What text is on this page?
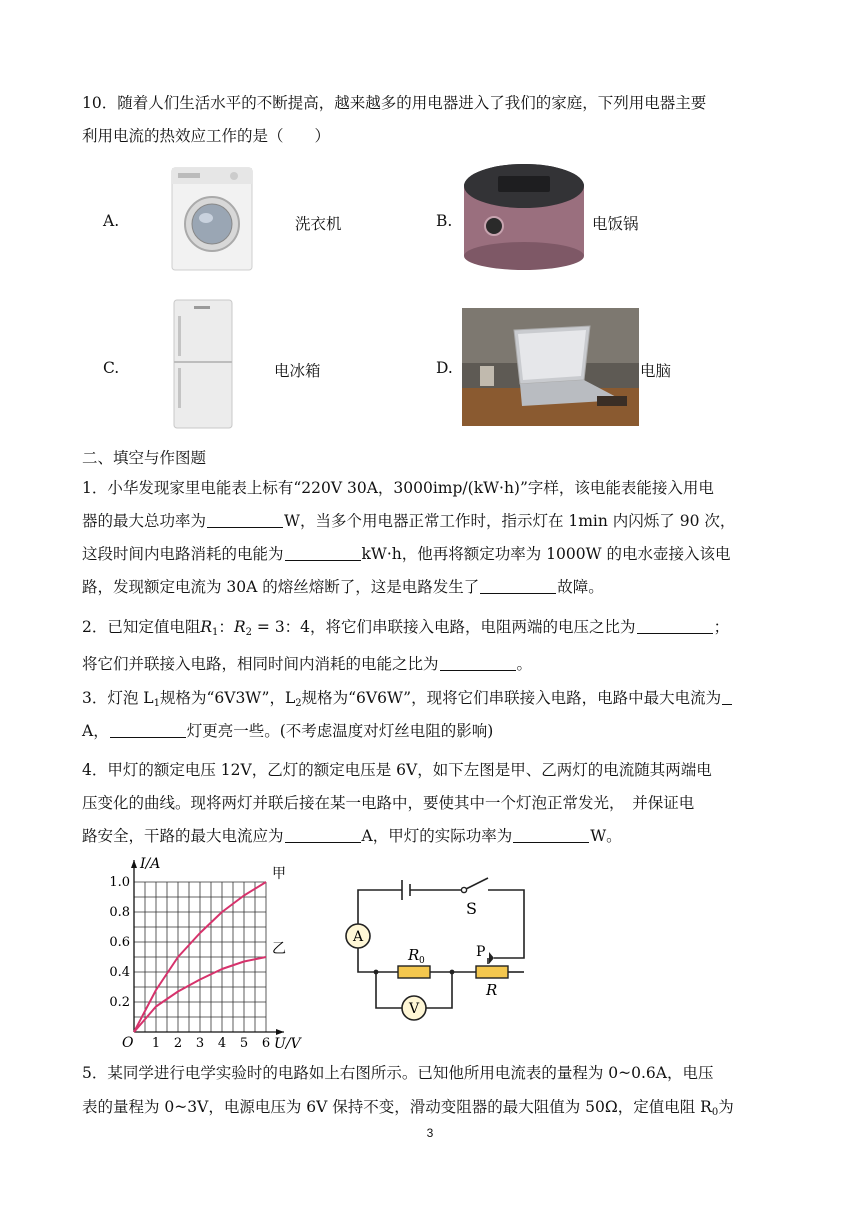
10．随着人们生活水平的不断提高，越来越多的用电器进入了我们的家庭，下列用电器主要
利用电流的热效应工作的是（　　）
A.	洗衣机	B.	电饭锅
C.	电冰箱	D.	电脑
二、填空与作图题
1．小华发现家里电能表上标有“220V 30A，3000imp/(kW·h)”字样，该电能表能接入用电
器的最大总功率为	W，当多个用电器正常工作时，指示灯在 1min 内闪烁了 90 次，
这段时间内电路消耗的电能为	kW·h，他再将额定功率为 1000W 的电水壶接入该电
路，发现额定电流为 30A 的熔丝熔断了，这是电路发生了	故障。
2．已知定值电阻$R_1$：$R_2 = 3$：4，将它们串联接入电路，电阻两端的电压之比为	；
将它们并联接入电路，相同时间内消耗的电能之比为	。
3．灯泡 $L_1$规格为“6V3W”，$L_2$规格为“6V6W”，现将它们串联接入电路，电路中最大电流为
A，	灯更亮一些。(不考虑温度对灯丝电阻的影响)
4．甲灯的额定电压 12V，乙灯的额定电压是 6V，如下左图是甲、乙两灯的电流随其两端电
压变化的曲线。现将两灯并联后接在某一电路中，要使其中一个灯泡正常发光，　并保证电
路安全，干路的最大电流应为	A，甲灯的实际功率为	W。
1 2 3 4 5 6
0.2
0.4
0.6
0.8
1.0
O	U/V
I/A
甲
乙
A
R 0
P
R
V
S
5．某同学进行电学实验时的电路如上右图所示。已知他所用电流表的量程为 0~0.6A，电压
表的量程为 0~3V，电源电压为 6V 保持不变，滑动变阻器的最大阻值为 50Ω，定值电阻 $R_0$为
3
